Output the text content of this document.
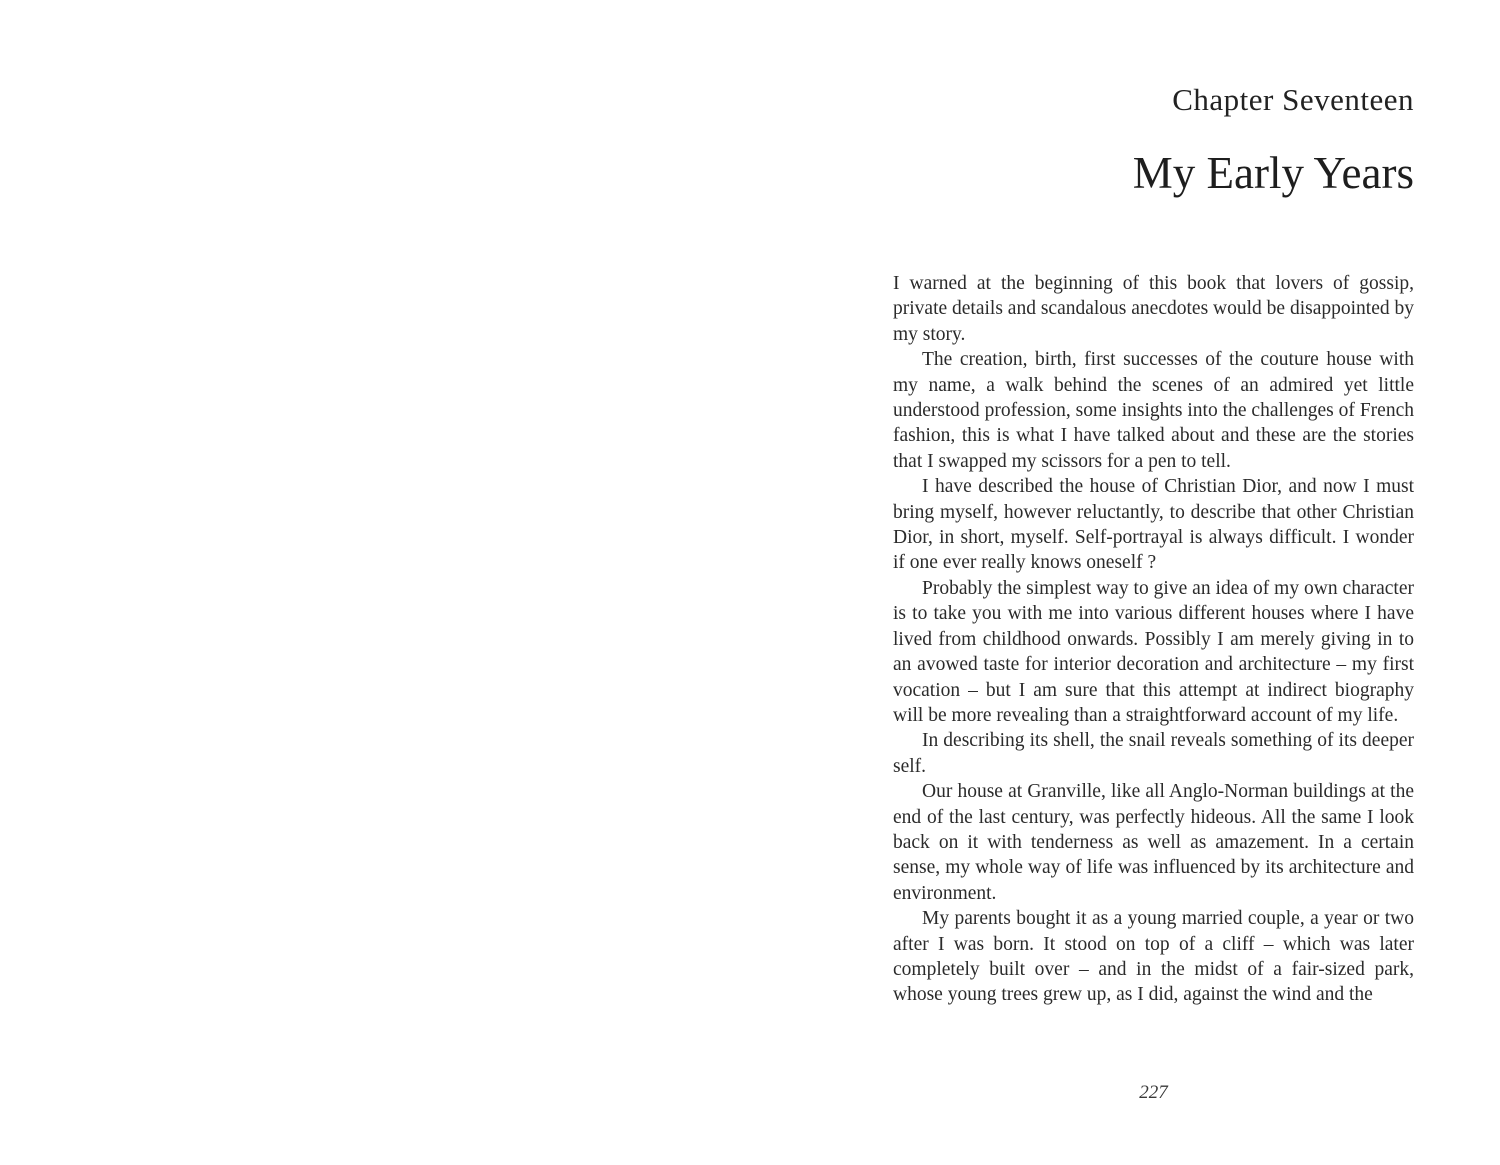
Chapter Seventeen
My Early Years

I warned at the beginning of this book that lovers of gossip, private details and scandalous anecdotes would be disappointed by my story.

The creation, birth, first successes of the couture house with my name, a walk behind the scenes of an admired yet little understood profession, some insights into the challenges of French fashion, this is what I have talked about and these are the stories that I swapped my scissors for a pen to tell.

I have described the house of Christian Dior, and now I must bring myself, however reluctantly, to describe that other Christian Dior, in short, myself. Self-portrayal is always difficult. I wonder if one ever really knows oneself ?

Probably the simplest way to give an idea of my own character is to take you with me into various different houses where I have lived from childhood onwards. Possibly I am merely giving in to an avowed taste for interior decoration and architecture – my first vocation – but I am sure that this attempt at indirect biography will be more revealing than a straightforward account of my life.

In describing its shell, the snail reveals something of its deeper self.

Our house at Granville, like all Anglo-Norman buildings at the end of the last century, was perfectly hideous. All the same I look back on it with tenderness as well as amazement. In a certain sense, my whole way of life was influenced by its architecture and environment.

My parents bought it as a young married couple, a year or two after I was born. It stood on top of a cliff – which was later completely built over – and in the midst of a fair-sized park, whose young trees grew up, as I did, against the wind and the

227
